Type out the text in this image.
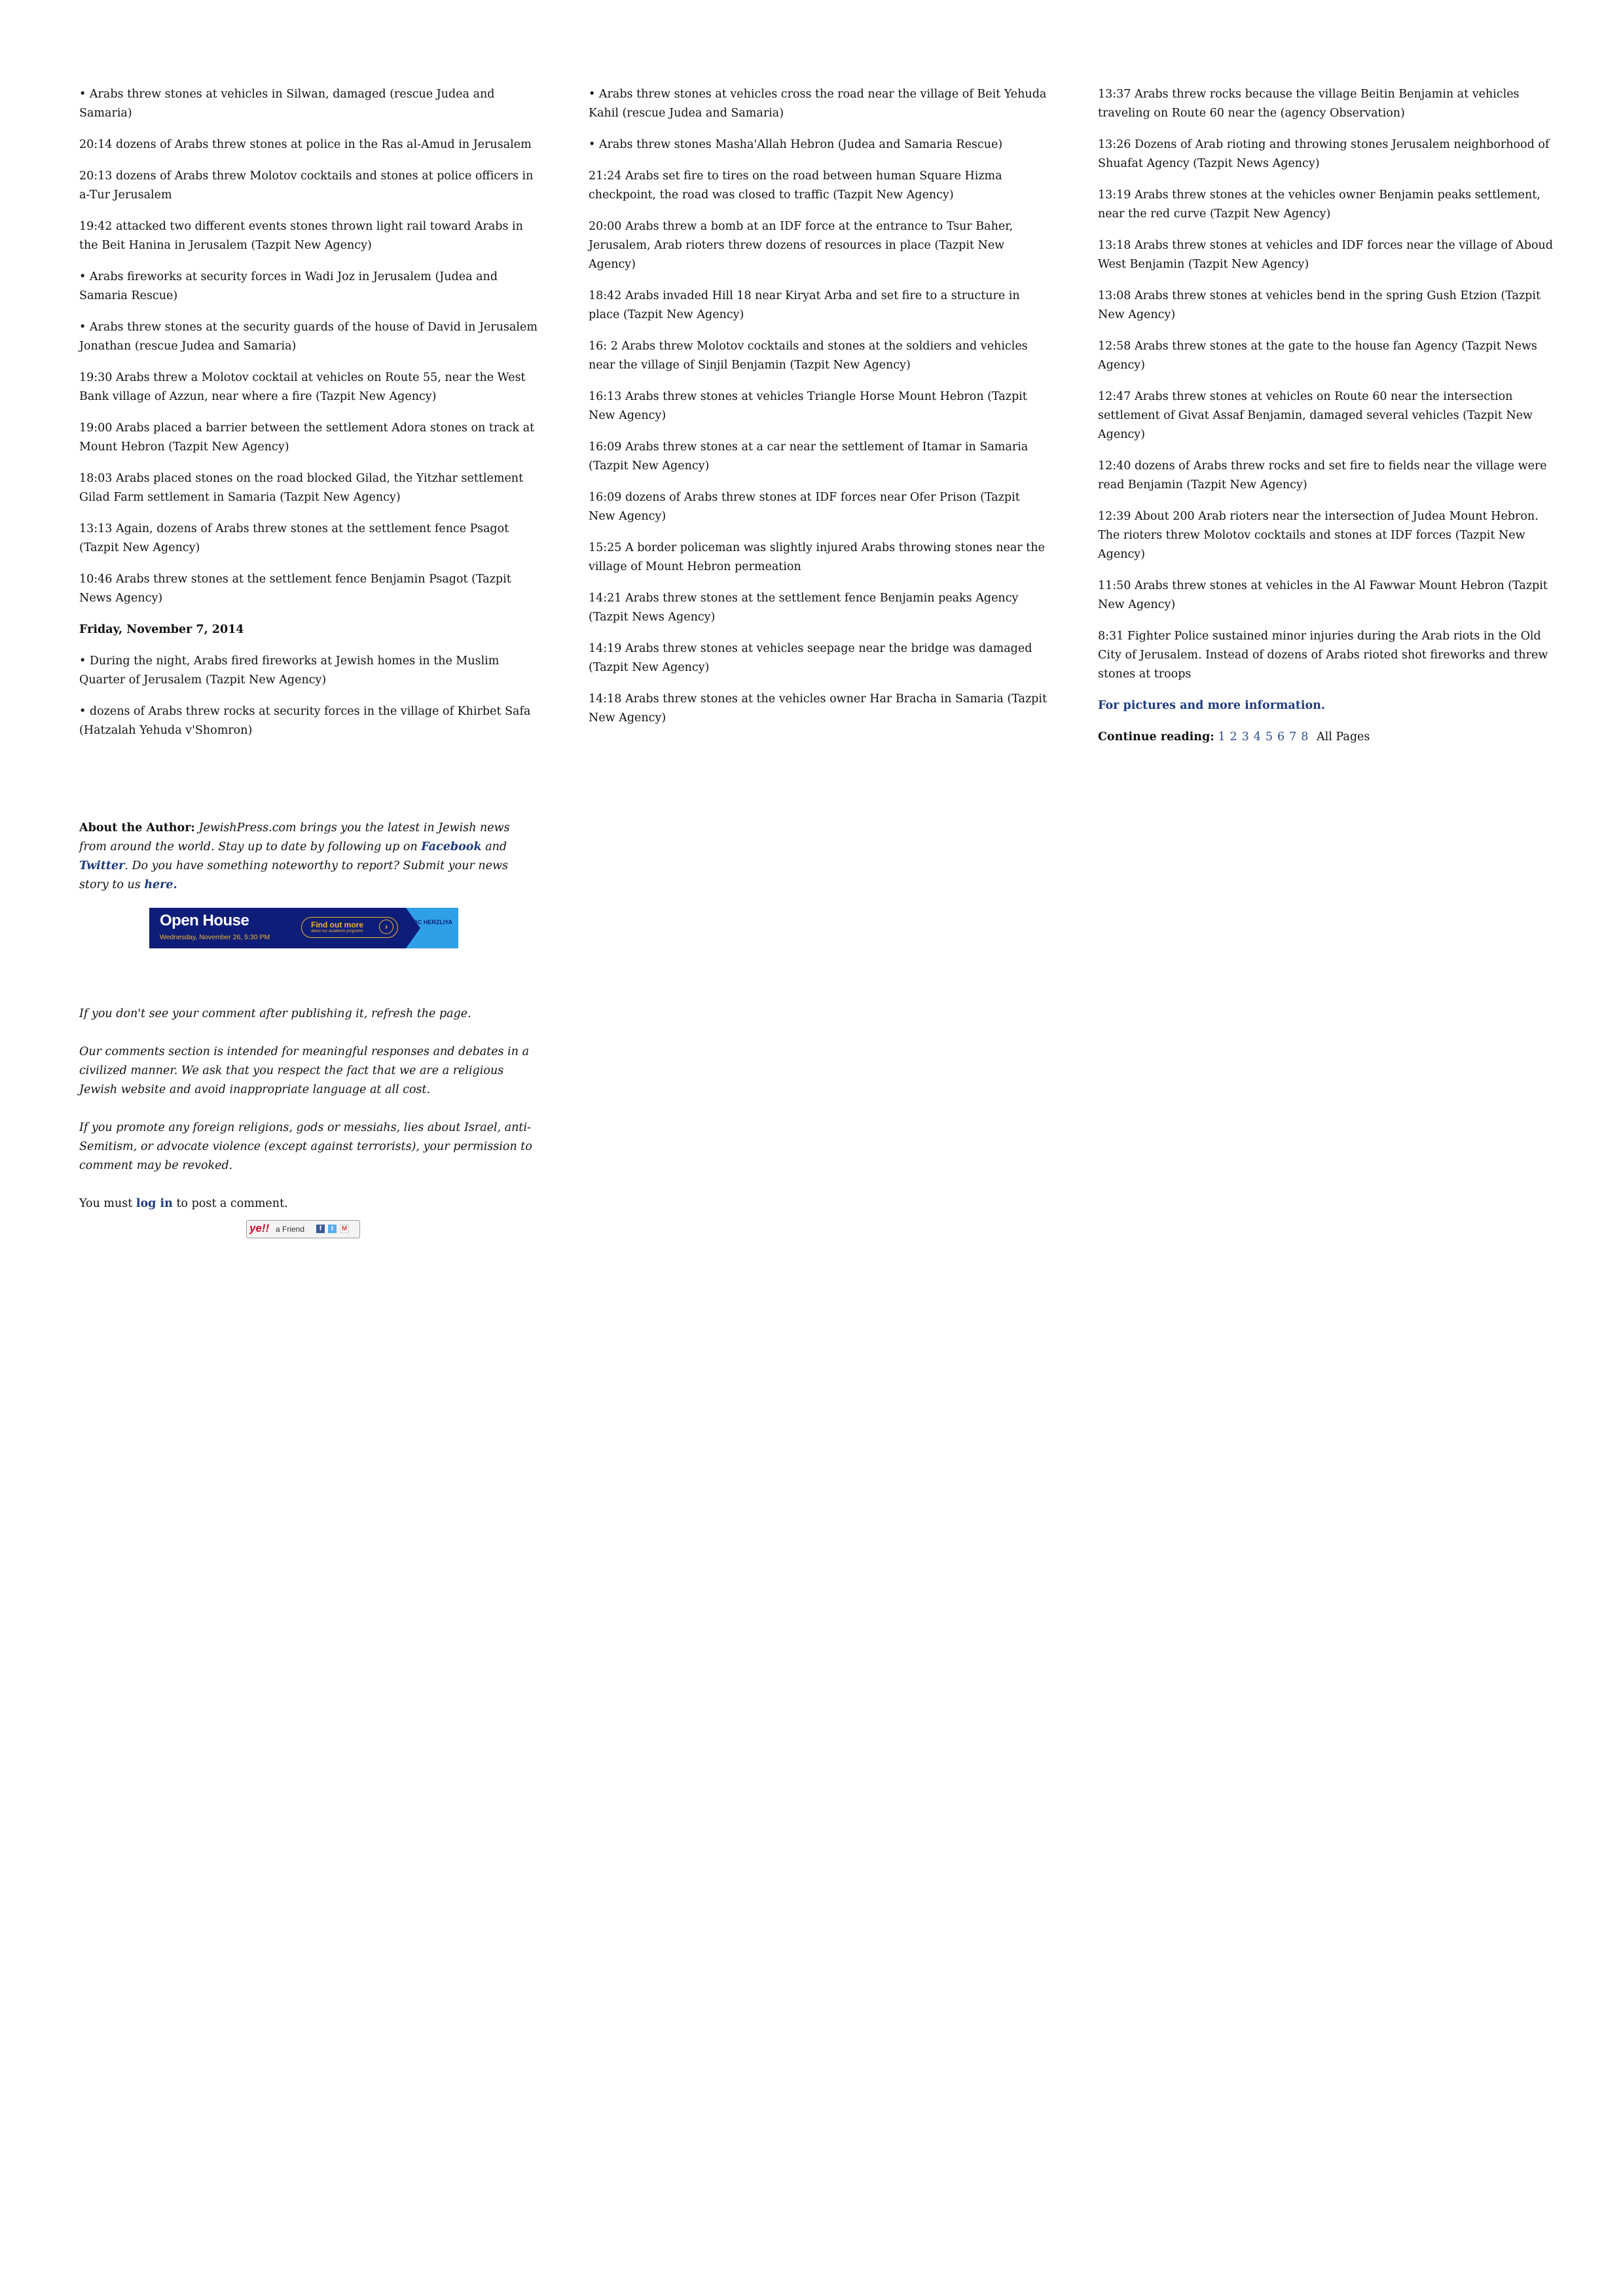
• Arabs threw stones at vehicles in Silwan, damaged (rescue Judea and Samaria)

20:14 dozens of Arabs threw stones at police in the Ras al-Amud in Jerusalem

20:13 dozens of Arabs threw Molotov cocktails and stones at police officers in a-Tur Jerusalem

19:42 attacked two different events stones thrown light rail toward Arabs in the Beit Hanina in Jerusalem (Tazpit New Agency)

• Arabs fireworks at security forces in Wadi Joz in Jerusalem (Judea and Samaria Rescue)

• Arabs threw stones at the security guards of the house of David in Jerusalem Jonathan (rescue Judea and Samaria)

19:30 Arabs threw a Molotov cocktail at vehicles on Route 55, near the West Bank village of Azzun, near where a fire (Tazpit New Agency)

19:00 Arabs placed a barrier between the settlement Adora stones on track at Mount Hebron (Tazpit New Agency)

18:03 Arabs placed stones on the road blocked Gilad, the Yitzhar settlement Gilad Farm settlement in Samaria (Tazpit New Agency)

13:13 Again, dozens of Arabs threw stones at the settlement fence Psagot (Tazpit New Agency)

10:46 Arabs threw stones at the settlement fence Benjamin Psagot (Tazpit News Agency)

Friday, November 7, 2014

• During the night, Arabs fired fireworks at Jewish homes in the Muslim Quarter of Jerusalem (Tazpit New Agency)

• dozens of Arabs threw rocks at security forces in the village of Khirbet Safa (Hatzalah Yehuda v'Shomron)

• Arabs threw stones at vehicles cross the road near the village of Beit Yehuda Kahil (rescue Judea and Samaria)

• Arabs threw stones Masha'Allah Hebron (Judea and Samaria Rescue)

21:24 Arabs set fire to tires on the road between human Square Hizma checkpoint, the road was closed to traffic (Tazpit New Agency)

20:00 Arabs threw a bomb at an IDF force at the entrance to Tsur Baher, Jerusalem, Arab rioters threw dozens of resources in place (Tazpit New Agency)

18:42 Arabs invaded Hill 18 near Kiryat Arba and set fire to a structure in place (Tazpit New Agency)

16: 2 Arabs threw Molotov cocktails and stones at the soldiers and vehicles near the village of Sinjil Benjamin (Tazpit New Agency)

16:13 Arabs threw stones at vehicles Triangle Horse Mount Hebron (Tazpit New Agency)

16:09 Arabs threw stones at a car near the settlement of Itamar in Samaria (Tazpit New Agency)

16:09 dozens of Arabs threw stones at IDF forces near Ofer Prison (Tazpit New Agency)

15:25 A border policeman was slightly injured Arabs throwing stones near the village of Mount Hebron permeation

14:21 Arabs threw stones at the settlement fence Benjamin peaks Agency (Tazpit News Agency)

14:19 Arabs threw stones at vehicles seepage near the bridge was damaged (Tazpit New Agency)

14:18 Arabs threw stones at the vehicles owner Har Bracha in Samaria (Tazpit New Agency)

13:37 Arabs threw rocks because the village Beitin Benjamin at vehicles traveling on Route 60 near the (agency Observation)

13:26 Dozens of Arab rioting and throwing stones Jerusalem neighborhood of Shuafat Agency (Tazpit News Agency)

13:19 Arabs threw stones at the vehicles owner Benjamin peaks settlement, near the red curve (Tazpit New Agency)

13:18 Arabs threw stones at vehicles and IDF forces near the village of Aboud West Benjamin (Tazpit New Agency)

13:08 Arabs threw stones at vehicles bend in the spring Gush Etzion (Tazpit New Agency)

12:58 Arabs threw stones at the gate to the house fan Agency (Tazpit News Agency)

12:47 Arabs threw stones at vehicles on Route 60 near the intersection settlement of Givat Assaf Benjamin, damaged several vehicles (Tazpit New Agency)

12:40 dozens of Arabs threw rocks and set fire to fields near the village were read Benjamin (Tazpit New Agency)

12:39 About 200 Arab rioters near the intersection of Judea Mount Hebron. The rioters threw Molotov cocktails and stones at IDF forces (Tazpit New Agency)

11:50 Arabs threw stones at vehicles in the Al Fawwar Mount Hebron (Tazpit New Agency)

8:31 Fighter Police sustained minor injuries during the Arab riots in the Old City of Jerusalem. Instead of dozens of Arabs rioted shot fireworks and threw stones at troops

For pictures and more information.

Continue reading: 1 2 3 4 5 6 7 8 All Pages

About the Author: JewishPress.com brings you the latest in Jewish news from around the world. Stay up to date by following up on Facebook and Twitter. Do you have something noteworthy to report? Submit your news story to us here.
Open House
Wednesday, November 26, 5:30 PM
Find out more
about our academic programs	›	IDC HERZLIYA

If you don't see your comment after publishing it, refresh the page.

Our comments section is intended for meaningful responses and debates in a civilized manner. We ask that you respect the fact that we are a religious Jewish website and avoid inappropriate language at all cost.

If you promote any foreign religions, gods or messiahs, lies about Israel, anti-Semitism, or advocate violence (except against terrorists), your permission to comment may be revoked.

You must log in to post a comment.

ye!! a Friend	f	t	M
